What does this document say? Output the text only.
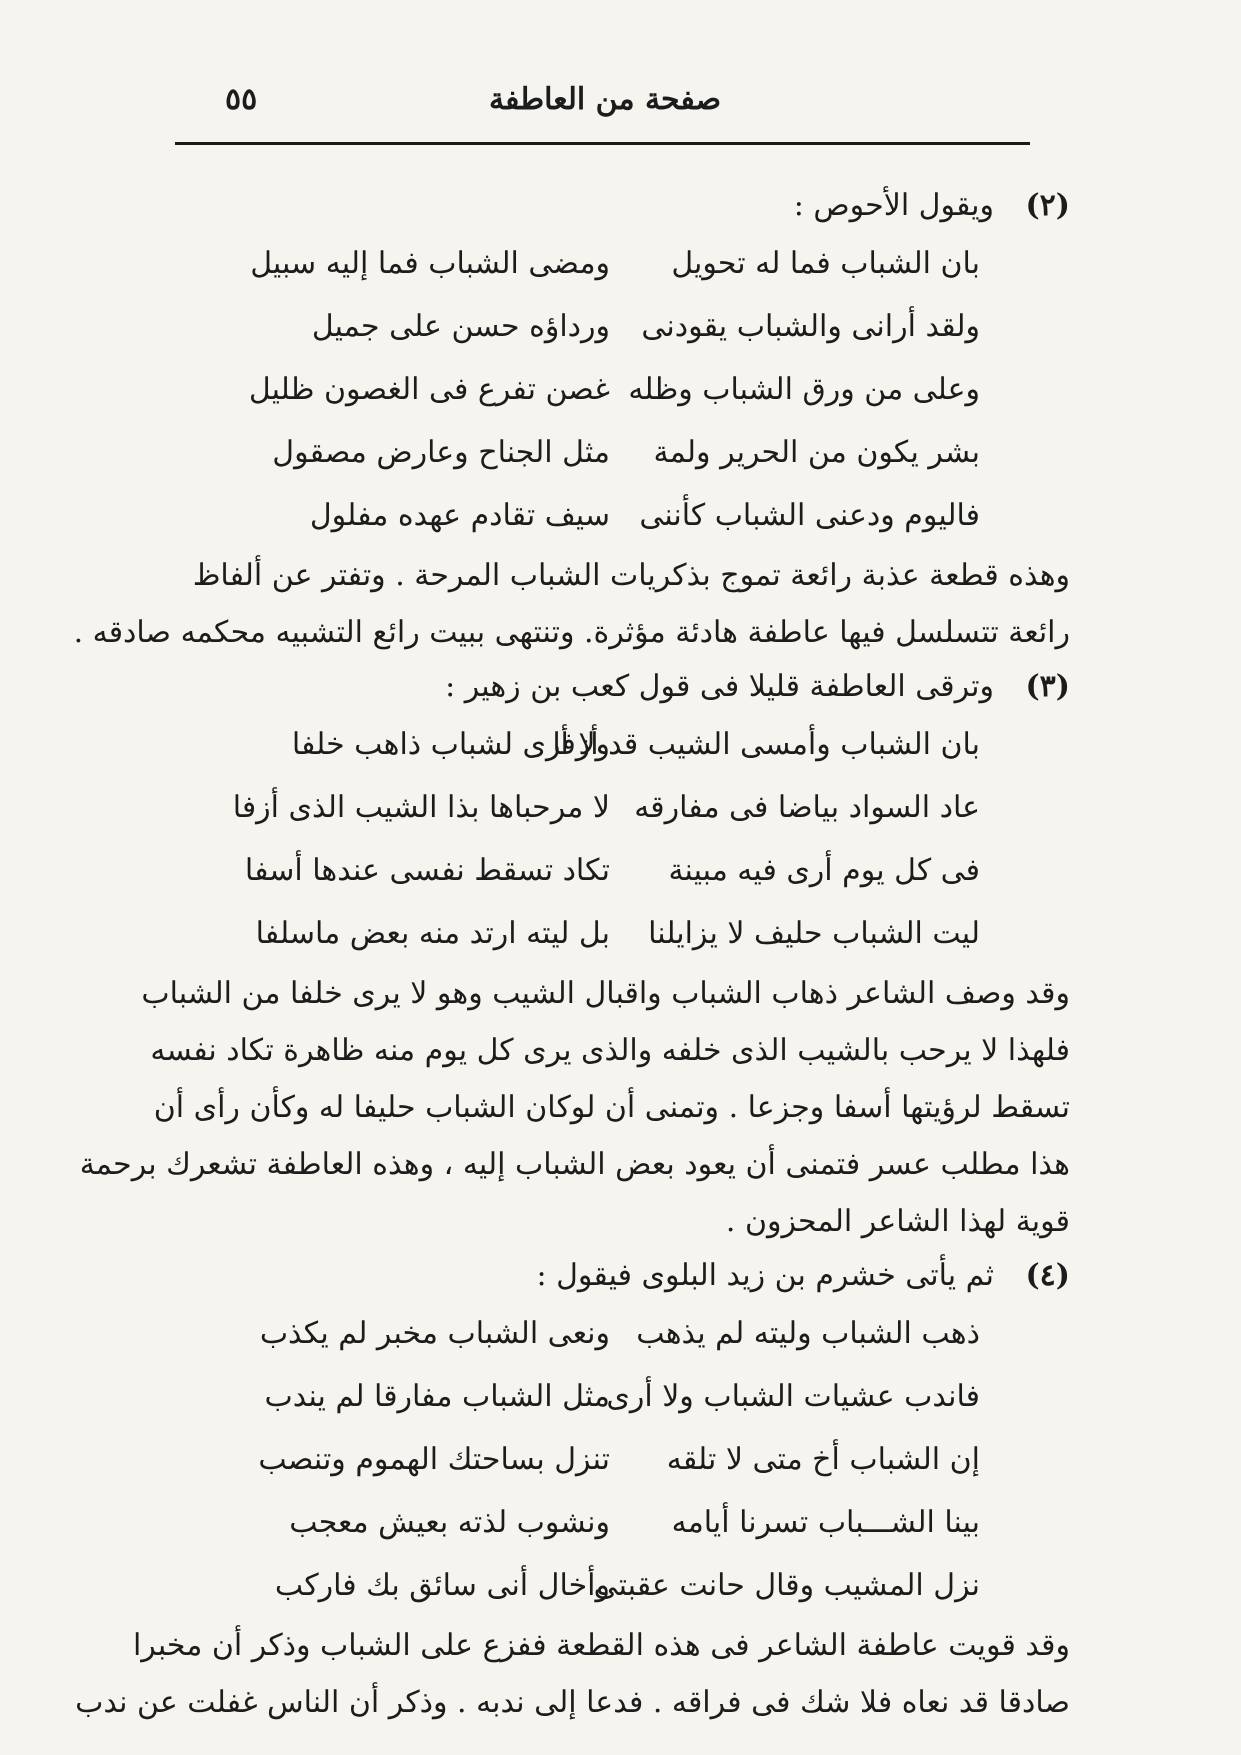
٥٥	صفحة من العاطفة
(٢)ويقول الأحوص :
بان الشباب فما له تحويل
ومضى الشباب فما إليه سبيل
ولقد أرانى والشباب يقودنى
ورداؤه حسن على جميل
وعلى من ورق الشباب وظله
غصن تفرع فى الغصون ظليل
بشر يكون من الحرير ولمة
مثل الجناح وعارض مصقول
فاليوم ودعنى الشباب كأننى
سيف تقادم عهده مفلول

وهذه قطعة عذبة رائعة تموج بذكريات الشباب المرحة . وتفتر عن ألفاظ
رائعة تتسلسل فيها عاطفة هادئة مؤثرة. وتنتهى ببيت رائع التشبيه محكمه صادقه .

(٣)وترقى العاطفة قليلا فى قول كعب بن زهير :
بان الشباب وأمسى الشيب قد أزفا
ولا أرى لشباب ذاهب خلفا
عاد السواد بياضا فى مفارقه
لا مرحباها بذا الشيب الذى أزفا
فى كل يوم أرى فيه مبينة
تكاد تسقط نفسى عندها أسفا
ليت الشباب حليف لا يزايلنا
بل ليته ارتد منه بعض ماسلفا

وقد وصف الشاعر ذهاب الشباب واقبال الشيب وهو لا يرى خلفا من الشباب
فلهذا لا يرحب بالشيب الذى خلفه والذى يرى كل يوم منه ظاهرة تكاد نفسه
تسقط لرؤيتها أسفا وجزعا . وتمنى أن لوكان الشباب حليفا له وكأن رأى أن
هذا مطلب عسر فتمنى أن يعود بعض الشباب إليه ، وهذه العاطفة تشعرك برحمة
قوية لهذا الشاعر المحزون .

(٤)ثم يأتى خشرم بن زيد البلوى فيقول :
ذهب الشباب وليته لم يذهب
ونعى الشباب مخبر لم يكذب
فاندب عشيات الشباب ولا أرى
مثل الشباب مفارقا لم يندب
إن الشباب أخ متى لا تلقه
تنزل بساحتك الهموم وتنصب
بينا الشـــباب تسرنا أيامه
ونشوب لذته بعيش معجب
نزل المشيب وقال حانت عقبتى
وأخال أنى سائق بك فاركب

وقد قويت عاطفة الشاعر فى هذه القطعة ففزع على الشباب وذكر أن مخبرا
صادقا قد نعاه فلا شك فى فراقه . فدعا إلى ندبه . وذكر أن الناس غفلت عن ندب
